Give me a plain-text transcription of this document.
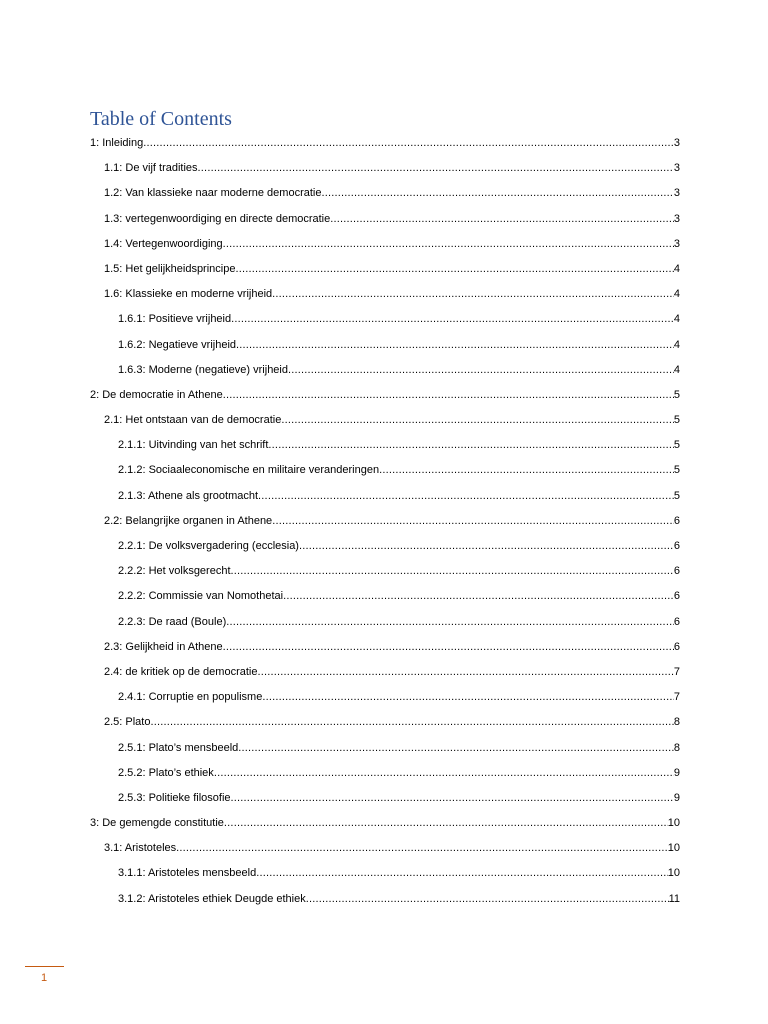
Table of Contents
1: Inleiding .....	3
1.1: De vijf tradities .....	3
1.2: Van klassieke naar moderne democratie .....	3
1.3: vertegenwoordiging en directe democratie .....	3
1.4: Vertegenwoordiging .....	3
1.5: Het gelijkheidsprincipe .....	4
1.6: Klassieke en moderne vrijheid .....	4
1.6.1: Positieve vrijheid .....	4
1.6.2: Negatieve vrijheid .....	4
1.6.3: Moderne (negatieve) vrijheid .....	4
2: De democratie in Athene .....	5
2.1: Het ontstaan van de democratie .....	5
2.1.1: Uitvinding van het schrift .....	5
2.1.2: Sociaaleconomische en militaire veranderingen .....	5
2.1.3: Athene als grootmacht .....	5
2.2: Belangrijke organen in Athene .....	6
2.2.1: De volksvergadering (ecclesia) .....	6
2.2.2: Het volksgerecht .....	6
2.2.2: Commissie van Nomothetai .....	6
2.2.3: De raad (Boule) .....	6
2.3: Gelijkheid in Athene .....	6
2.4: de kritiek op de democratie .....	7
2.4.1: Corruptie en populisme .....	7
2.5: Plato .....	8
2.5.1: Plato’s mensbeeld .....	8
2.5.2: Plato’s ethiek .....	9
2.5.3: Politieke filosofie .....	9
3: De gemengde constitutie .....	10
3.1: Aristoteles .....	10
3.1.1: Aristoteles mensbeeld .....	10
3.1.2: Aristoteles ethiek Deugde ethiek .....	11
1
